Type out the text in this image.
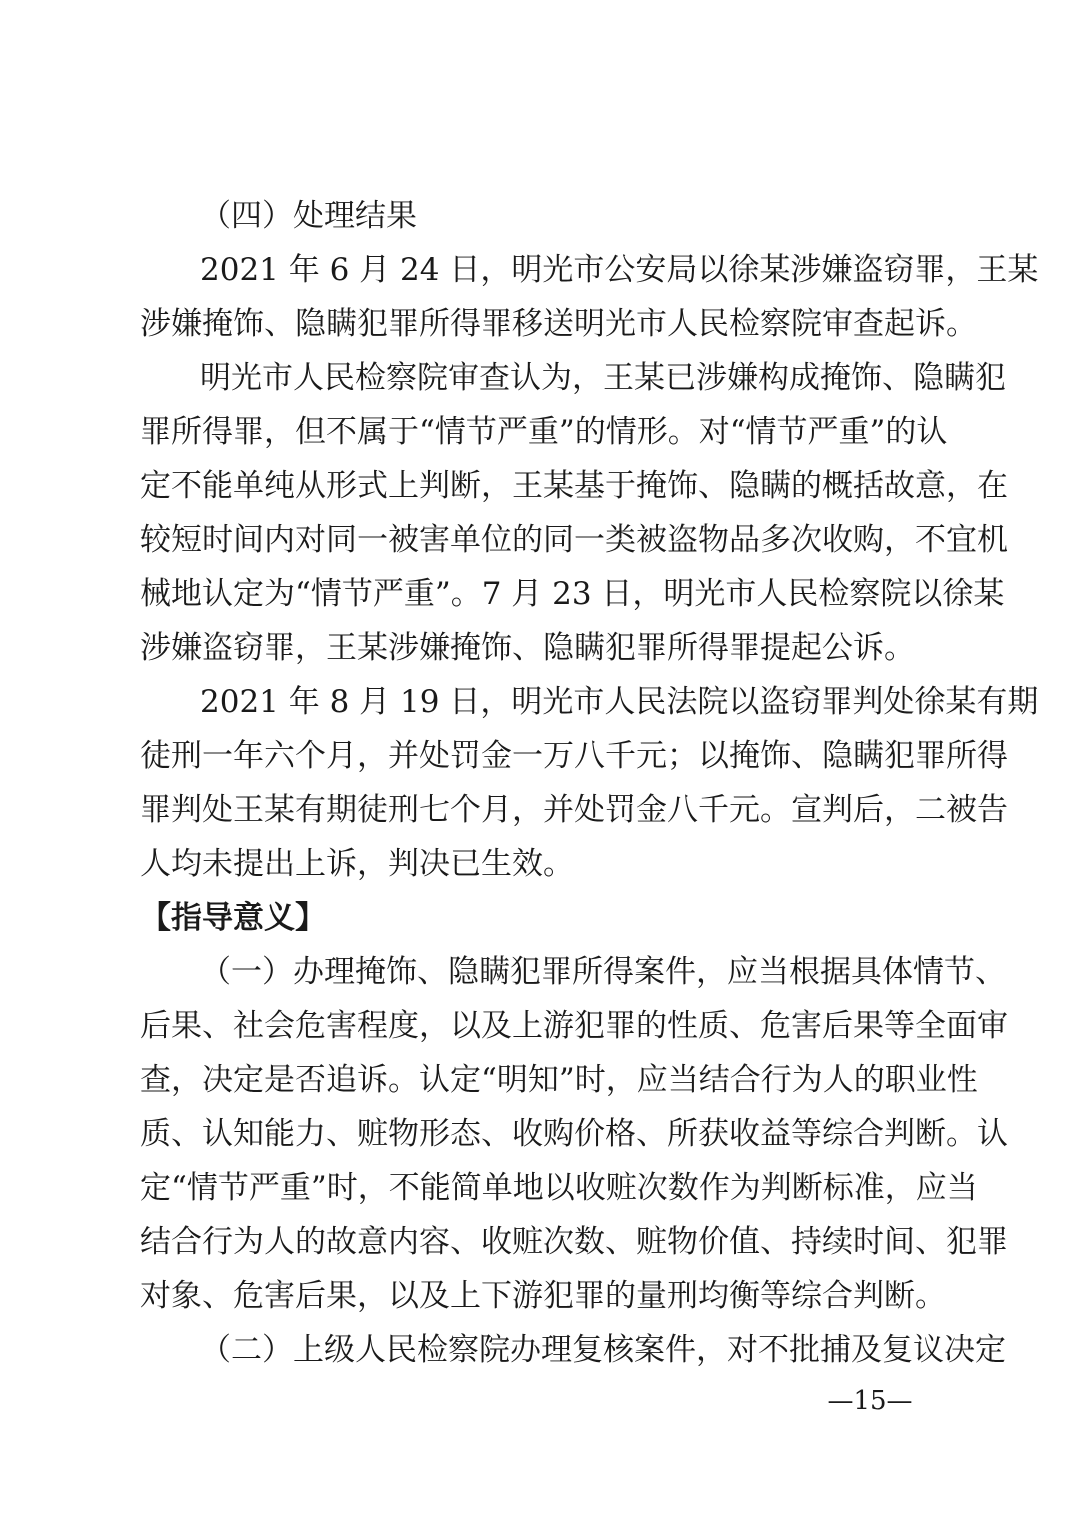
（四）处理结果
2021 年 6 月 24 日，明光市公安局以徐某涉嫌盗窃罪，王某
涉嫌掩饰、隐瞒犯罪所得罪移送明光市人民检察院审查起诉。
明光市人民检察院审查认为，王某已涉嫌构成掩饰、隐瞒犯
罪所得罪，但不属于“情节严重”的情形。对“情节严重”的认
定不能单纯从形式上判断，王某基于掩饰、隐瞒的概括故意，在
较短时间内对同一被害单位的同一类被盗物品多次收购，不宜机
械地认定为“情节严重”。7 月 23 日，明光市人民检察院以徐某
涉嫌盗窃罪，王某涉嫌掩饰、隐瞒犯罪所得罪提起公诉。
2021 年 8 月 19 日，明光市人民法院以盗窃罪判处徐某有期
徒刑一年六个月，并处罚金一万八千元；以掩饰、隐瞒犯罪所得
罪判处王某有期徒刑七个月，并处罚金八千元。宣判后，二被告
人均未提出上诉，判决已生效。
【指导意义】
（一）办理掩饰、隐瞒犯罪所得案件，应当根据具体情节、
后果、社会危害程度，以及上游犯罪的性质、危害后果等全面审
查，决定是否追诉。认定“明知”时，应当结合行为人的职业性
质、认知能力、赃物形态、收购价格、所获收益等综合判断。认
定“情节严重”时，不能简单地以收赃次数作为判断标准，应当
结合行为人的故意内容、收赃次数、赃物价值、持续时间、犯罪
对象、危害后果，以及上下游犯罪的量刑均衡等综合判断。
（二）上级人民检察院办理复核案件，对不批捕及复议决定
—15—
